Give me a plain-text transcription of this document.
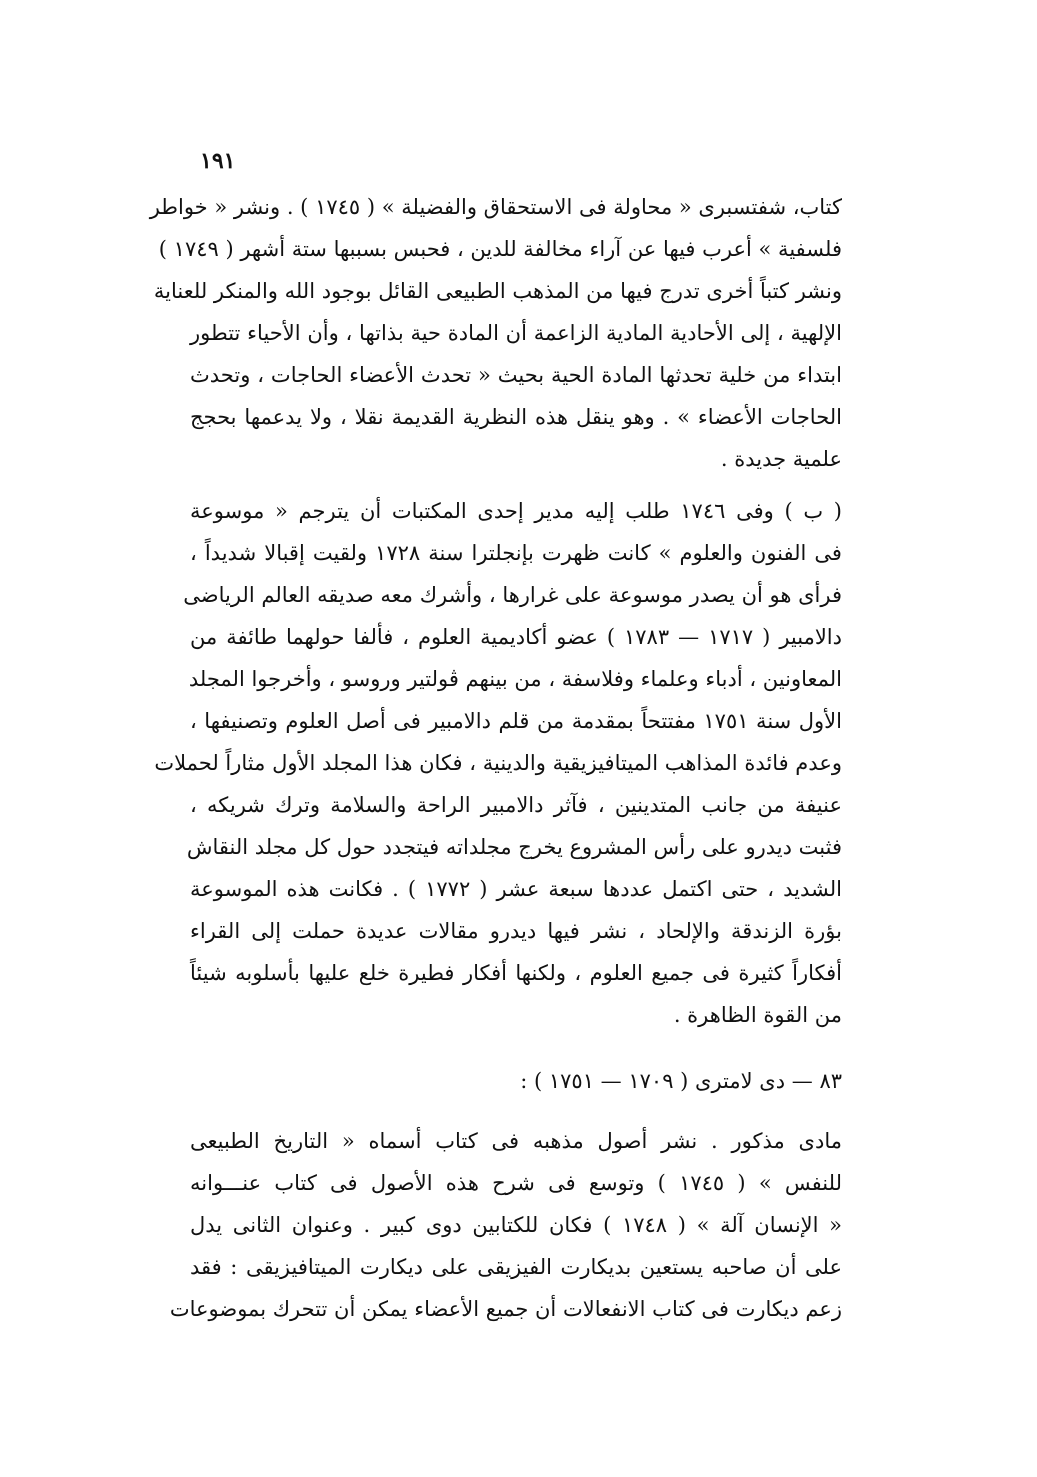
١٩١
كتاب، شفتسبرى « محاولة فى الاستحقاق والفضيلة » ( ١٧٤٥ ) . ونشر « خواطر
فلسفية » أعرب فيها عن آراء مخالفة للدين ، فحبس بسببها ستة أشهر ( ١٧٤٩ )
ونشر كتباً أخرى تدرج فيها من المذهب الطبيعى القائل بوجود الله والمنكر للعناية
الإلهية ، إلى الأحادية المادية الزاعمة أن المادة حية بذاتها ، وأن الأحياء تتطور
ابتداء من خلية تحدثها المادة الحية بحيث « تحدث الأعضاء الحاجات ، وتحدث
الحاجات الأعضاء » . وهو ينقل هذه النظرية القديمة نقلا ، ولا يدعمها بحجج
علمية جديدة .
( ب ) وفى ١٧٤٦ طلب إليه مدير إحدى المكتبات أن يترجم « موسوعة
فى الفنون والعلوم » كانت ظهرت بإنجلترا سنة ١٧٢٨ ولقيت إقبالا شديداً ،
فرأى هو أن يصدر موسوعة على غرارها ، وأشرك معه صديقه العالم الرياضى
دالامبير ( ١٧١٧ — ١٧٨٣ ) عضو أكاديمية العلوم ، فألفا حولهما طائفة من
المعاونين ، أدباء وعلماء وفلاسفة ، من بينهم ڤولتير وروسو ، وأخرجوا المجلد
الأول سنة ١٧٥١ مفتتحاً بمقدمة من قلم دالامبير فى أصل العلوم وتصنيفها ،
وعدم فائدة المذاهب الميتافيزيقية والدينية ، فكان هذا المجلد الأول مثاراً لحملات
عنيفة من جانب المتدينين ، فآثر دالامبير الراحة والسلامة وترك شريكه ،
فثبت ديدرو على رأس المشروع يخرج مجلداته فيتجدد حول كل مجلد النقاش
الشديد ، حتى اكتمل عددها سبعة عشر ( ١٧٧٢ ) . فكانت هذه الموسوعة
بؤرة الزندقة والإلحاد ، نشر فيها ديدرو مقالات عديدة حملت إلى القراء
أفكاراً كثيرة فى جميع العلوم ، ولكنها أفكار فطيرة خلع عليها بأسلوبه شيئاً
من القوة الظاهرة .
٨٣ — دى لامترى ( ١٧٠٩ — ١٧٥١ ) :
مادى مذكور . نشر أصول مذهبه فى كتاب أسماه « التاريخ الطبيعى
للنفس » ( ١٧٤٥ ) وتوسع فى شرح هذه الأصول فى كتاب عنـــوانه
« الإنسان آلة » ( ١٧٤٨ ) فكان للكتابين دوى كبير . وعنوان الثانى يدل
على أن صاحبه يستعين بديكارت الفيزيقى على ديكارت الميتافيزيقى : فقد
زعم ديكارت فى كتاب الانفعالات أن جميع الأعضاء يمكن أن تتحرك بموضوعات
